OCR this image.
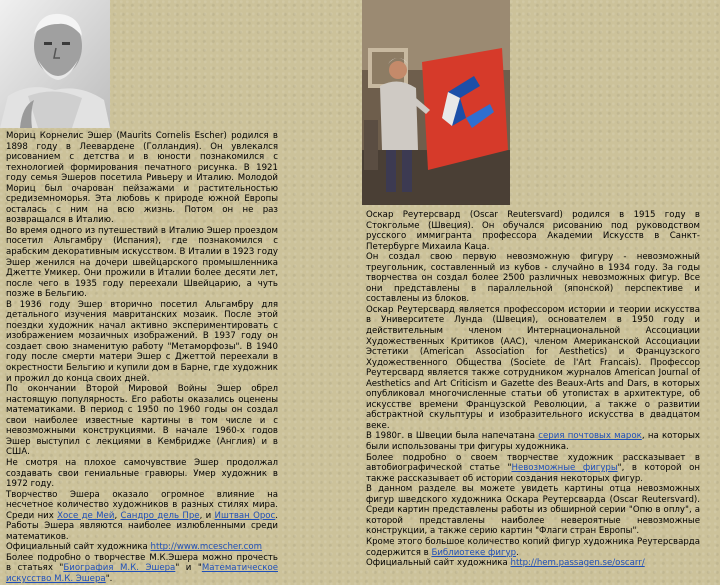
Мориц Корнелис Эшер (Maurits Cornelis Escher) родился в 1898 году в Леевардене (Голландия). Он увлекался рисованием с детства и в юности познакомился с технологией формирования печатного рисунка. В 1921 году семья Эшеров посетила Ривьеру и Италию. Молодой Мориц был очарован пейзажами и растительностью средиземноморья. Эта любовь к природе южной Европы осталась с ним на всю жизнь. Потом он не раз возвращался в Италию.

Во время одного из путешествий в Италию Эшер проездом посетил Альгамбру (Испания), где познакомился с арабским декоративным искусством. В Италии в 1923 году Эшер женился на дочери швейцарского промышленника Джетте Умикер. Они прожили в Италии более десяти лет, после чего в 1935 году переехали Швейцарию, а чуть позже в Бельгию.

В 1936 году Эшер вторично посетил Альгамбру для детального изучения мавританских мозаик. После этой поездки художник начал активно экспериментировать с изображением мозаичных изображений. В 1937 году он создает свою знаменитую работу "Метаморфозы". В 1940 году после смерти матери Эшер с Джеттой переехали в окрестности Бельгию и купили дом в Барне, где художник и прожил до конца своих дней.

По окончании Второй Мировой Войны Эшер обрел настоящую популярность. Его работы оказались оценены математиками. В период с 1950 по 1960 годы он создал свои наиболее известные картины в том числе и с невозможными конструкциями. В начале 1960-х годов Эшер выступил с лекциями в Кембридже (Англия) и в США.

Не смотря на плохое самочувствие Эшер продолжал создавать свои гениальные гравюры. Умер художник в 1972 году.

Творчество Эшера оказало огромное влияние на несчетное количество художников в разных стилях мира. Среди них Хосе де Мей, Сандро дель Пре, и Иштван Орос. Работы Эшера являются наиболее излюбленными среди математиков.

Официальный сайт художника http://www.mcescher.com

Более подробно о творчестве М.К.Эшера можно прочесть в статьях "Биография М.К. Эшера" и "Математическое искусство М.К. Эшера".

Оскар Реутерсвард (Oscar Reutersvard) родился в 1915 году в Стокгольме (Швеция). Он обучался рисованию под руководством русского иммигранта профессора Академии Искусств в Санкт-Петербурге Михаила Каца.

Он создал свою первую невозможную фигуру - невозможный треугольник, составленный из кубов - случайно в 1934 году. За годы творчества он создал более 2500 различных невозможных фигур. Все они представлены в параллельной (японской) перспективе и составлены из блоков.

Оскар Реутерсвард является профессором истории и теории искусства в Университете Лунда (Швеция), основателем в 1950 году и действительным членом Интернациональной Ассоциации Художественных Критиков (AAC), членом Американской Ассоциации Эстетики (American Association for Aesthetics) и Французского Художественного Общества (Societe de l'Art Francais). Профессор Реутерсвард является также сотрудником журналов American Journal of Aesthetics and Art Criticism и Gazette des Beaux-Arts and Dars, в которых опубликовал многочисленные статьи об утопистах в архитектуре, об искусстве времени Французской Революции, а также о развитии абстрактной скульптуры и изобразительного искусства в двадцатом веке.

В 1980г. в Швеции была напечатана серия почтовых марок, на которых были использованы три фигуры художника.

Более подробно о своем творчестве художник рассказывает в автобиографической статье "Невозможные фигуры", в которой он также рассказывает об истории создания некоторых фигур.

В данном разделе вы можете увидеть картины отца невозможных фигур шведского художника Оскара Реутерсварда (Oscar Reutersvard). Среди картин представлены работы из обширной серии "Опю в оплу", а которой представлены наиболее невероятные невозможные конструкции, а также серию картин "Флаги стран Европы".

Кроме этого большое количество копий фигур художника Реутерсварда содержится в Библиотеке фигур.

Официальный сайт художника http://hem.passagen.se/oscarr/
